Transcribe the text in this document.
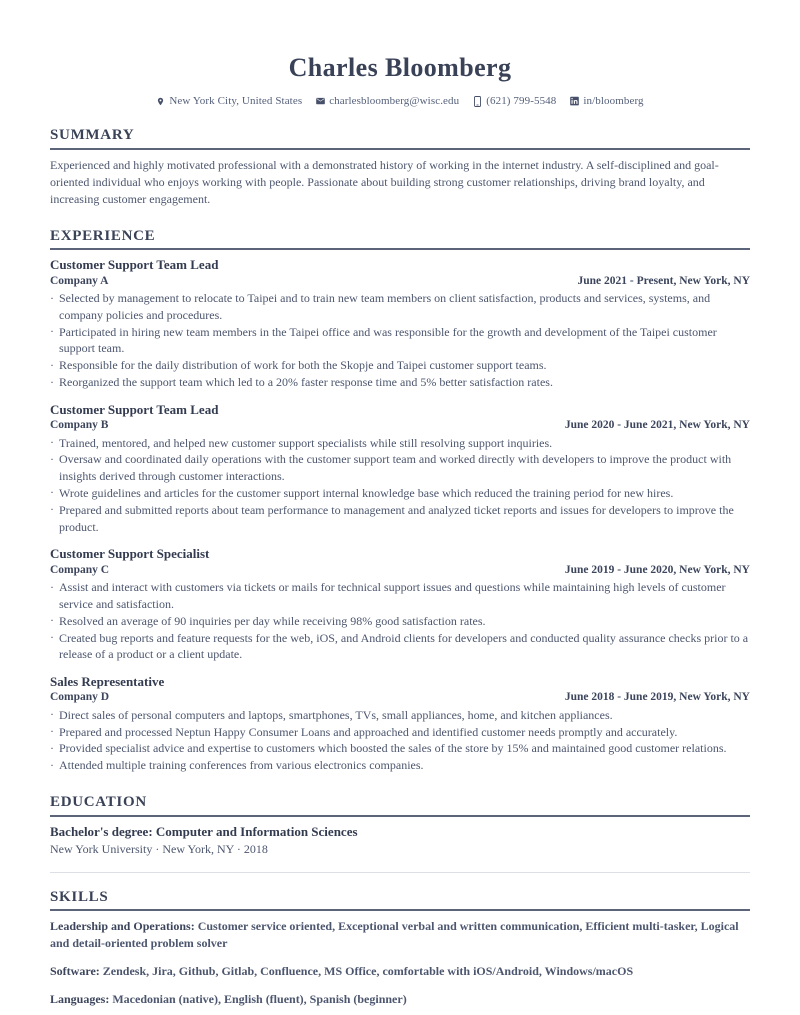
Charles Bloomberg
New York City, United States charlesbloomberg@wisc.edu (621) 799-5548 in/bloomberg
SUMMARY
Experienced and highly motivated professional with a demonstrated history of working in the internet industry. A self-disciplined and goal-oriented individual who enjoys working with people. Passionate about building strong customer relationships, driving brand loyalty, and increasing customer engagement.
EXPERIENCE
Customer Support Team Lead
Company A	June 2021 - Present, New York, NY
· Selected by management to relocate to Taipei and to train new team members on client satisfaction, products and services, systems, and company policies and procedures.
· Participated in hiring new team members in the Taipei office and was responsible for the growth and development of the Taipei customer support team.
· Responsible for the daily distribution of work for both the Skopje and Taipei customer support teams.
· Reorganized the support team which led to a 20% faster response time and 5% better satisfaction rates.
Customer Support Team Lead
Company B	June 2020 - June 2021, New York, NY
· Trained, mentored, and helped new customer support specialists while still resolving support inquiries.
· Oversaw and coordinated daily operations with the customer support team and worked directly with developers to improve the product with insights derived through customer interactions.
· Wrote guidelines and articles for the customer support internal knowledge base which reduced the training period for new hires.
· Prepared and submitted reports about team performance to management and analyzed ticket reports and issues for developers to improve the product.
Customer Support Specialist
Company C	June 2019 - June 2020, New York, NY
· Assist and interact with customers via tickets or mails for technical support issues and questions while maintaining high levels of customer service and satisfaction.
· Resolved an average of 90 inquiries per day while receiving 98% good satisfaction rates.
· Created bug reports and feature requests for the web, iOS, and Android clients for developers and conducted quality assurance checks prior to a release of a product or a client update.
Sales Representative
Company D	June 2018 - June 2019, New York, NY
· Direct sales of personal computers and laptops, smartphones, TVs, small appliances, home, and kitchen appliances.
· Prepared and processed Neptun Happy Consumer Loans and approached and identified customer needs promptly and accurately.
· Provided specialist advice and expertise to customers which boosted the sales of the store by 15% and maintained good customer relations.
· Attended multiple training conferences from various electronics companies.
EDUCATION
Bachelor's degree: Computer and Information Sciences
New York University · New York, NY · 2018
SKILLS
Leadership and Operations: Customer service oriented, Exceptional verbal and written communication, Efficient multi-tasker, Logical and detail-oriented problem solver
Software: Zendesk, Jira, Github, Gitlab, Confluence, MS Office, comfortable with iOS/Android, Windows/macOS
Languages: Macedonian (native), English (fluent), Spanish (beginner)
